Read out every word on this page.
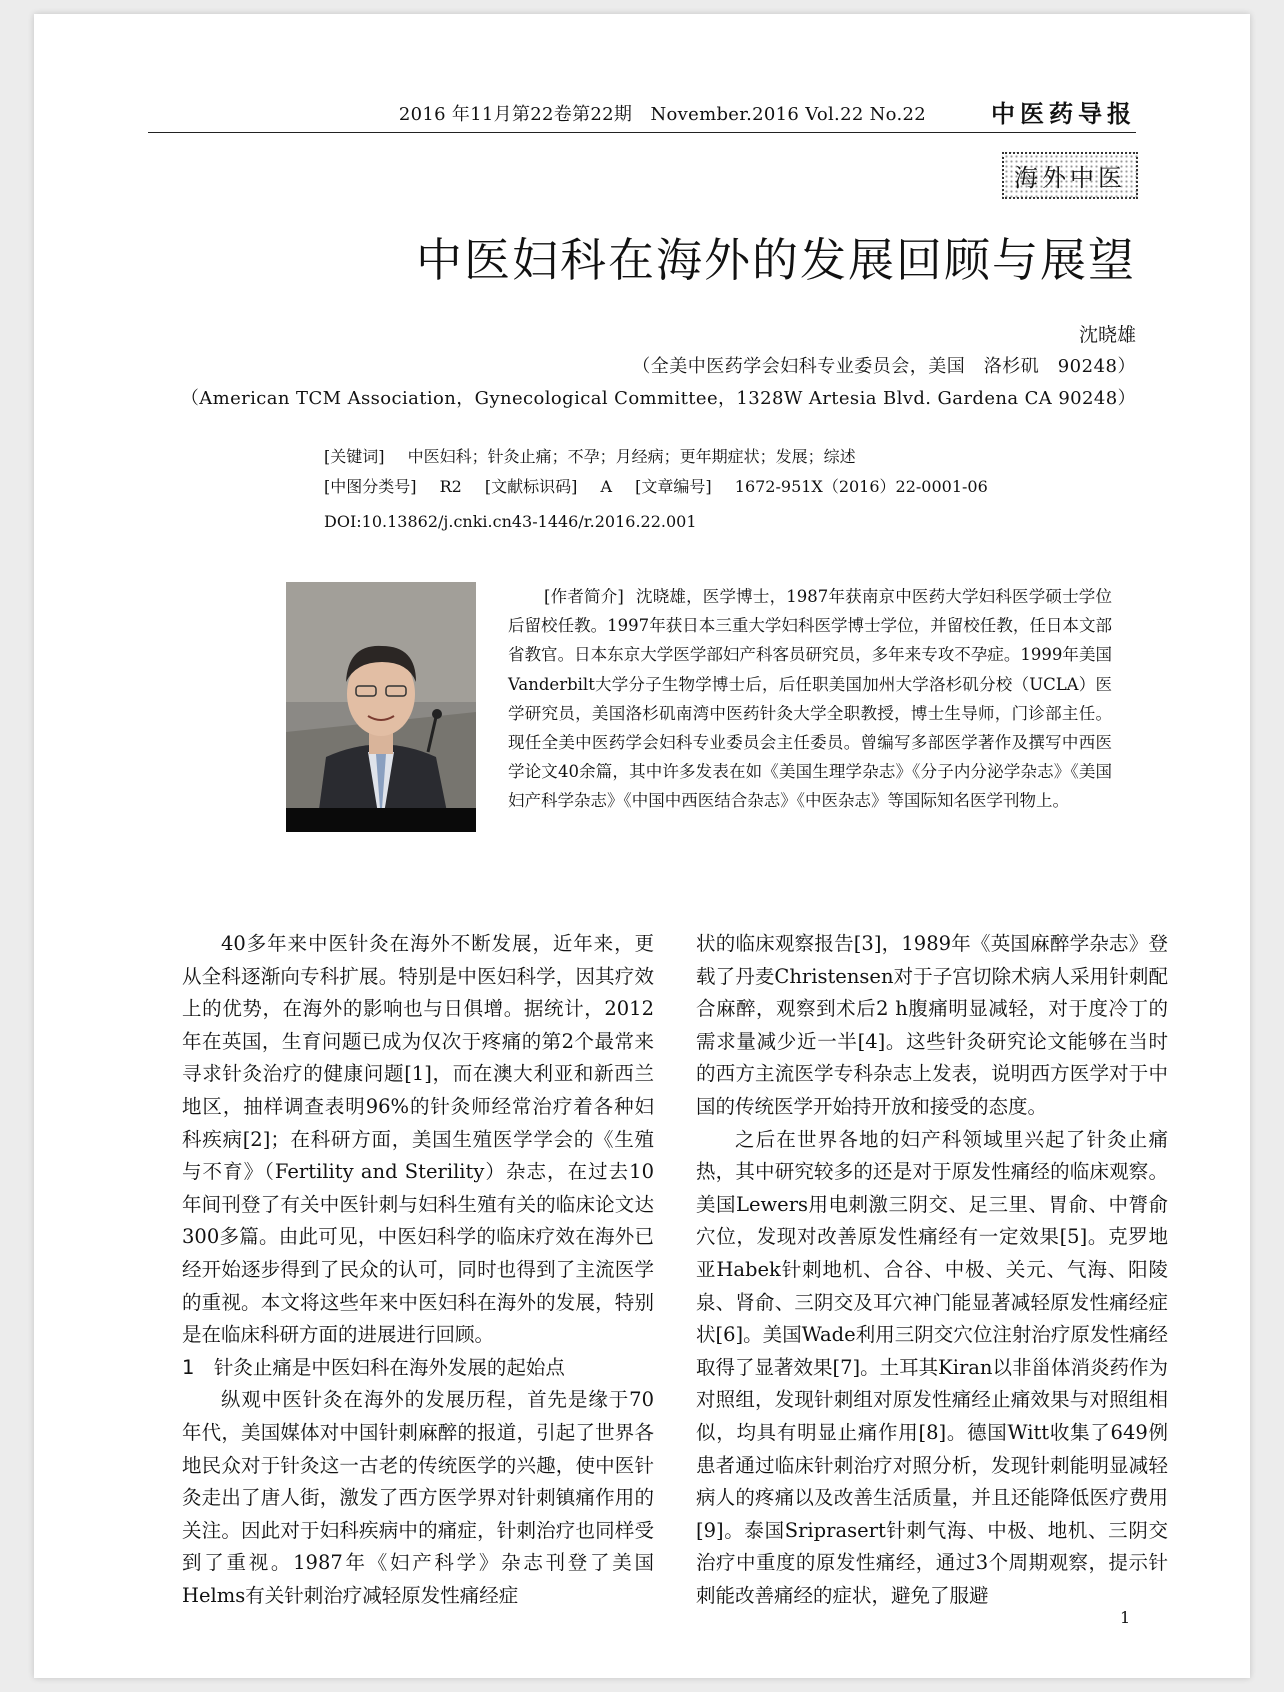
2016 年11月第22卷第22期　November.2016 Vol.22 No.22	中医药导报
海外中医
中医妇科在海外的发展回顾与展望
沈晓雄
（全美中医药学会妇科专业委员会，美国　洛杉矶　90248）
（American TCM Association，Gynecological Committee，1328W Artesia Blvd. Gardena CA 90248）
[关键词] 中医妇科；针灸止痛；不孕；月经病；更年期症状；发展；综述
[中图分类号] R2 [文献标识码] A [文章编号] 1672-951X（2016）22-0001-06
DOI:10.13862/j.cnki.cn43-1446/r.2016.22.001
[作者简介] 沈晓雄，医学博士，1987年获南京中医药大学妇科医学硕士学位后留校任教。1997年获日本三重大学妇科医学博士学位，并留校任教，任日本文部省教官。日本东京大学医学部妇产科客员研究员，多年来专攻不孕症。1999年美国Vanderbilt大学分子生物学博士后，后任职美国加州大学洛杉矶分校（UCLA）医学研究员，美国洛杉矶南湾中医药针灸大学全职教授，博士生导师，门诊部主任。现任全美中医药学会妇科专业委员会主任委员。曾编写多部医学著作及撰写中西医学论文40余篇，其中许多发表在如《美国生理学杂志》《分子内分泌学杂志》《美国妇产科学杂志》《中国中西医结合杂志》《中医杂志》等国际知名医学刊物上。

40多年来中医针灸在海外不断发展，近年来，更从全科逐渐向专科扩展。特别是中医妇科学，因其疗效上的优势，在海外的影响也与日俱增。据统计，2012年在英国，生育问题已成为仅次于疼痛的第2个最常来寻求针灸治疗的健康问题[1]，而在澳大利亚和新西兰地区，抽样调查表明96%的针灸师经常治疗着各种妇科疾病[2]；在科研方面，美国生殖医学学会的《生殖与不育》（Fertility and Sterility）杂志，在过去10年间刊登了有关中医针刺与妇科生殖有关的临床论文达300多篇。由此可见，中医妇科学的临床疗效在海外已经开始逐步得到了民众的认可，同时也得到了主流医学的重视。本文将这些年来中医妇科在海外的发展，特别是在临床科研方面的进展进行回顾。

1　针灸止痛是中医妇科在海外发展的起始点

纵观中医针灸在海外的发展历程，首先是缘于70年代，美国媒体对中国针刺麻醉的报道，引起了世界各地民众对于针灸这一古老的传统医学的兴趣，使中医针灸走出了唐人街，激发了西方医学界对针刺镇痛作用的关注。因此对于妇科疾病中的痛症，针刺治疗也同样受到了重视。1987年《妇产科学》杂志刊登了美国Helms有关针刺治疗减轻原发性痛经症

状的临床观察报告[3]，1989年《英国麻醉学杂志》登载了丹麦Christensen对于子宫切除术病人采用针刺配合麻醉，观察到术后2 h腹痛明显减轻，对于度冷丁的需求量减少近一半[4]。这些针灸研究论文能够在当时的西方主流医学专科杂志上发表，说明西方医学对于中国的传统医学开始持开放和接受的态度。

之后在世界各地的妇产科领域里兴起了针灸止痛热，其中研究较多的还是对于原发性痛经的临床观察。美国Lewers用电刺激三阴交、足三里、胃俞、中膂俞穴位，发现对改善原发性痛经有一定效果[5]。克罗地亚Habek针刺地机、合谷、中极、关元、气海、阳陵泉、肾俞、三阴交及耳穴神门能显著减轻原发性痛经症状[6]。美国Wade利用三阴交穴位注射治疗原发性痛经取得了显著效果[7]。土耳其Kiran以非甾体消炎药作为对照组，发现针刺组对原发性痛经止痛效果与对照组相似，均具有明显止痛作用[8]。德国Witt收集了649例患者通过临床针刺治疗对照分析，发现针刺能明显减轻病人的疼痛以及改善生活质量，并且还能降低医疗费用[9]。泰国Sriprasert针刺气海、中极、地机、三阴交治疗中重度的原发性痛经，通过3个周期观察，提示针刺能改善痛经的症状，避免了服避

1
